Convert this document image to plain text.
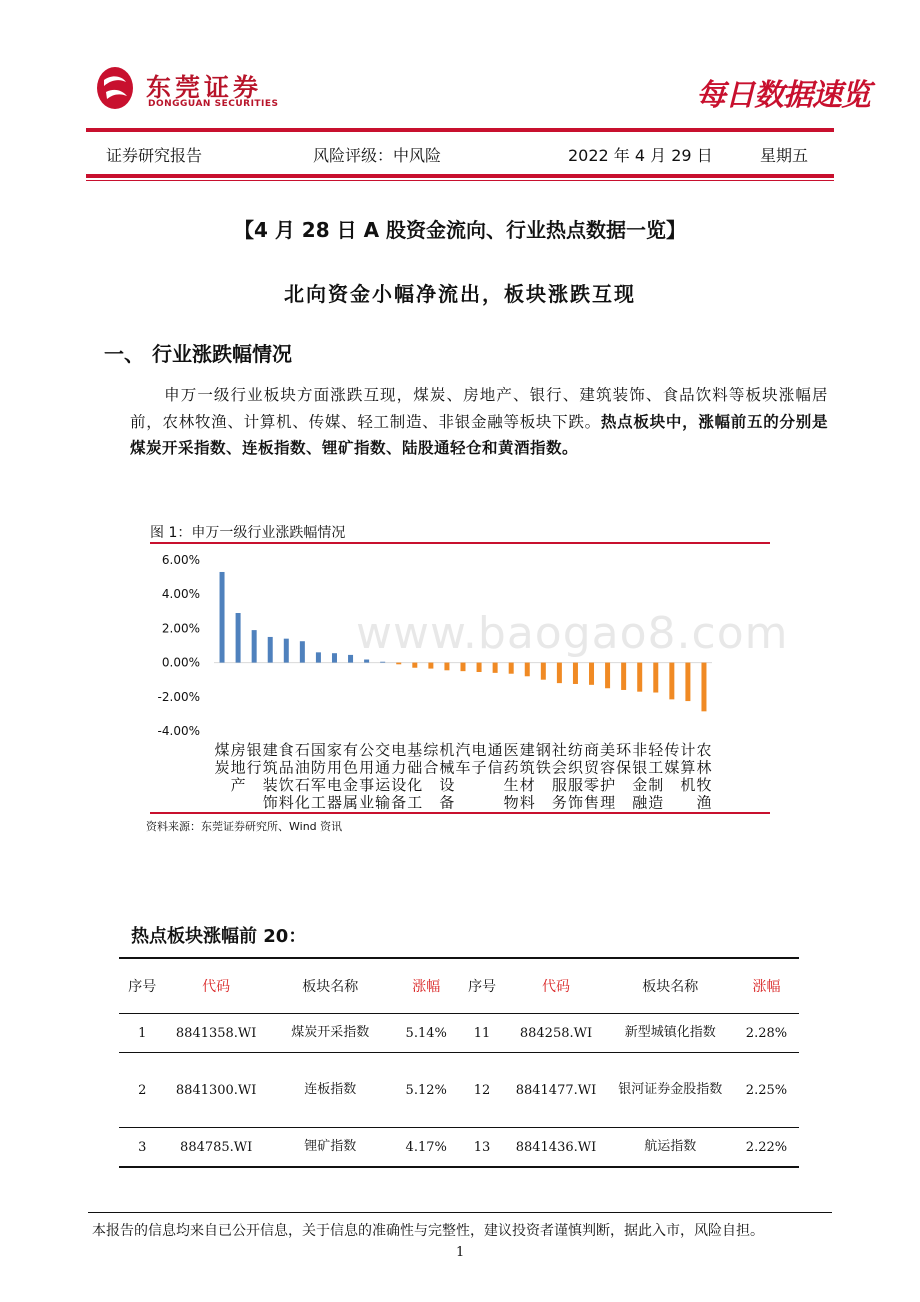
东莞证券
DONGGUAN SECURITIES	每日数据速览
证券研究报告	风险评级：中风险	2022 年 4 月 29 日	星期五
【4 月 28 日 A 股资金流向、行业热点数据一览】
北向资金小幅净流出，板块涨跌互现
一、 行业涨跌幅情况
申万一级行业板块方面涨跌互现，煤炭、房地产、银行、建筑装饰、食品饮料等板块涨幅居前，农林牧渔、计算机、传媒、轻工制造、非银金融等板块下跌。热点板块中，涨幅前五的分别是煤炭开采指数、连板指数、锂矿指数、陆股通轻仓和黄酒指数。
图 1：申万一级行业涨跌幅情况
6.00%
4.00%
2.00%
0.00%
-2.00%
-4.00%
煤炭
房地产
银行
建筑装饰
食品饮料
石油石化
国防军工
家用电器
有色金属
公用事业
交通运输
电力设备
基础化工
综合
机械设备
汽车
电子
通信
医药生物
建筑材料
钢铁
社会服务
纺织服饰
商贸零售
美容护理
环保
非银金融
轻工制造
传媒
计算机
农林牧渔
www.baogao8.com
资料来源：东莞证券研究所、Wind 资讯
热点板块涨幅前 20：
序号	代码	板块名称	涨幅	序号	代码	板块名称	涨幅
1	8841358.WI	煤炭开采指数	5.14%	11	884258.WI	新型城镇化指数	2.28%
2	8841300.WI	连板指数	5.12%	12	8841477.WI	银河证券金股指数	2.25%
3	884785.WI	锂矿指数	4.17%	13	8841436.WI	航运指数	2.22%
本报告的信息均来自已公开信息，关于信息的准确性与完整性，建议投资者谨慎判断，据此入市，风险自担。
1
